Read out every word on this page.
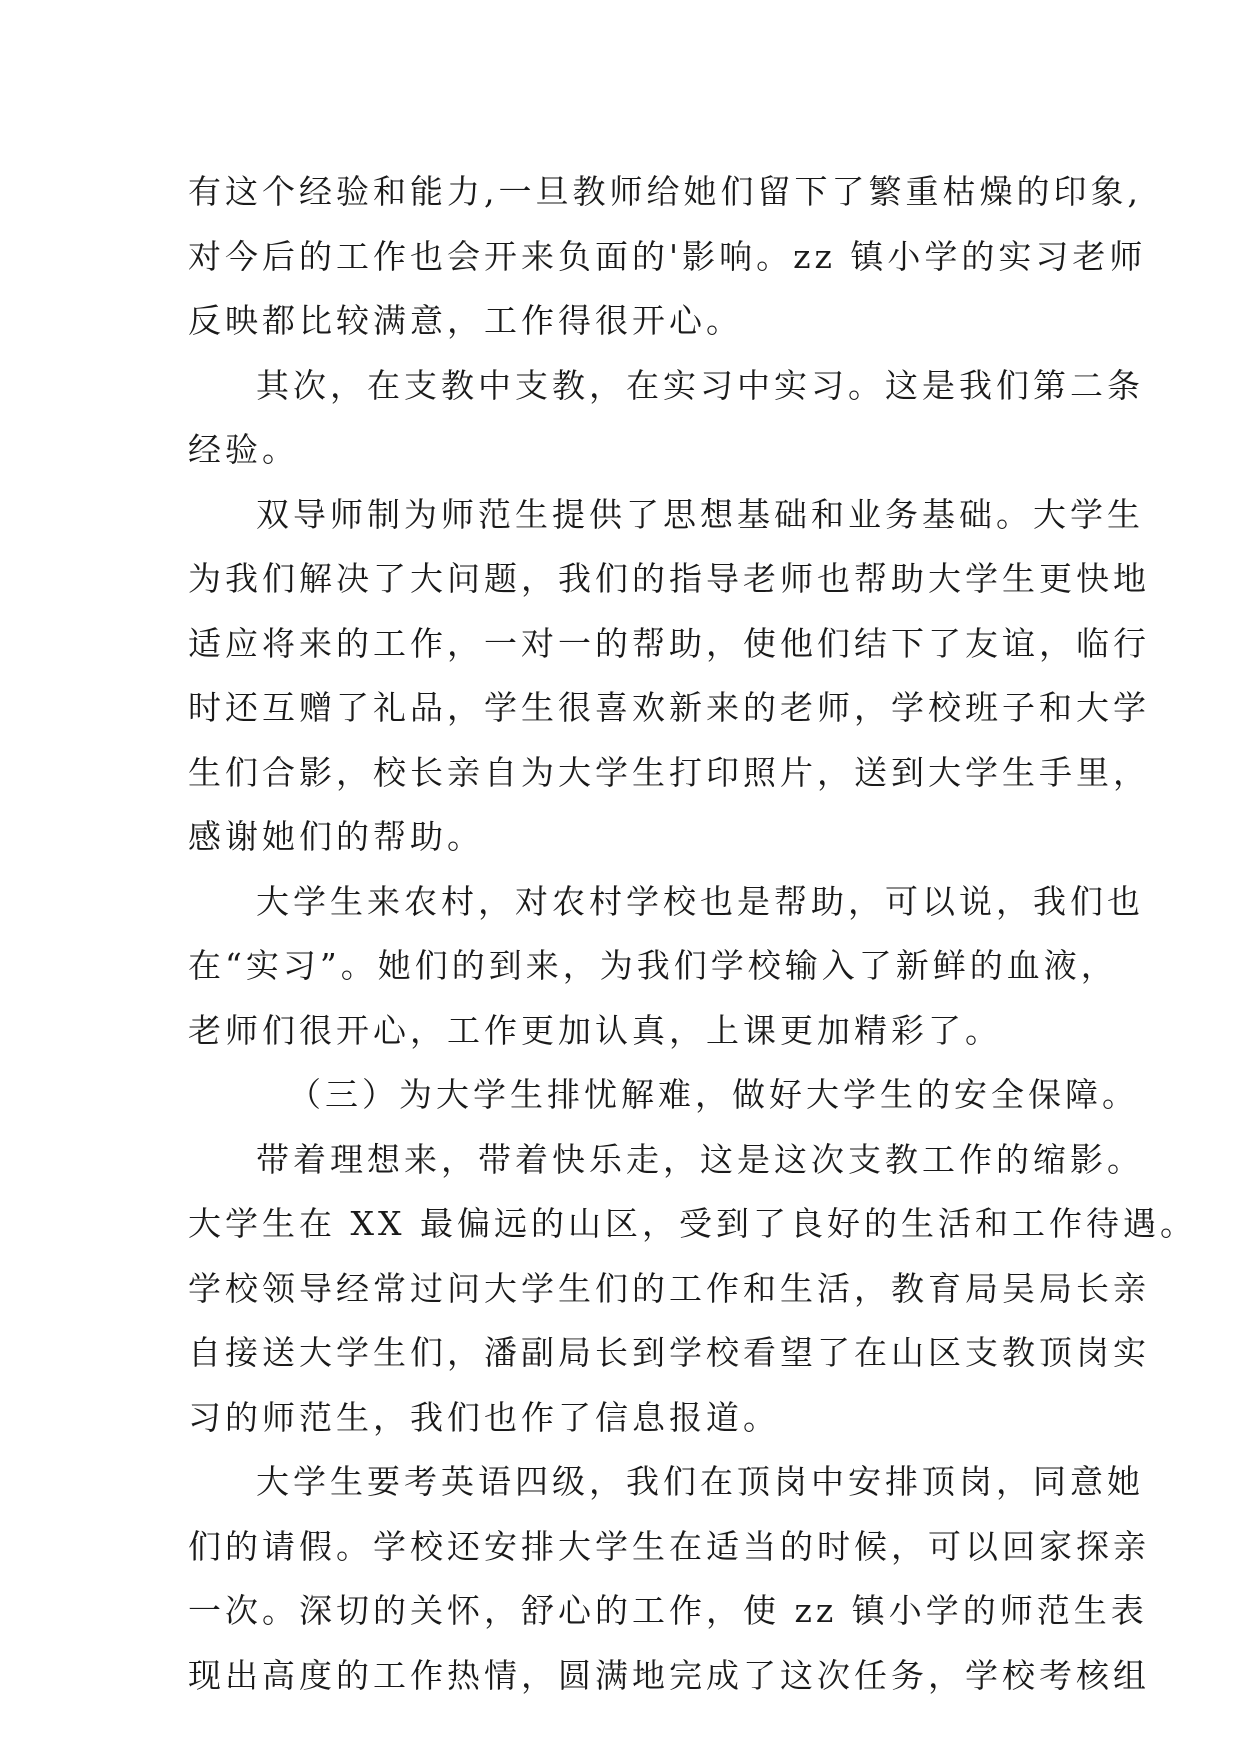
有这个经验和能力,一旦教师给她们留下了繁重枯燥的印象,
对今后的工作也会开来负面的'影响。zz 镇小学的实习老师
反映都比较满意，工作得很开心。
其次，在支教中支教，在实习中实习。这是我们第二条
经验。
双导师制为师范生提供了思想基础和业务基础。大学生
为我们解决了大问题，我们的指导老师也帮助大学生更快地
适应将来的工作，一对一的帮助，使他们结下了友谊，临行
时还互赠了礼品，学生很喜欢新来的老师，学校班子和大学
生们合影，校长亲自为大学生打印照片，送到大学生手里，
感谢她们的帮助。
大学生来农村，对农村学校也是帮助，可以说，我们也
在“实习”。她们的到来，为我们学校输入了新鲜的血液，
老师们很开心，工作更加认真，上课更加精彩了。
（三）为大学生排忧解难，做好大学生的安全保障。
带着理想来，带着快乐走，这是这次支教工作的缩影。
大学生在 XX 最偏远的山区，受到了良好的生活和工作待遇。
学校领导经常过问大学生们的工作和生活，教育局吴局长亲
自接送大学生们，潘副局长到学校看望了在山区支教顶岗实
习的师范生，我们也作了信息报道。
大学生要考英语四级，我们在顶岗中安排顶岗，同意她
们的请假。学校还安排大学生在适当的时候，可以回家探亲
一次。深切的关怀，舒心的工作，使 zz 镇小学的师范生表
现出高度的工作热情，圆满地完成了这次任务，学校考核组
